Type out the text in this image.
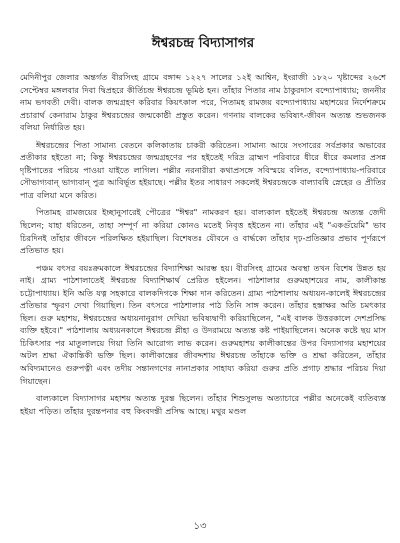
ঈশ্বরচন্দ্র বিদ্যাসাগর

মেদিনীপুর জেলার অন্তর্গত বীরসিংহ গ্রামে বঙ্গাব্দ ১২২৭ সালের ১২ই আশ্বিন, ইংরাজী ১৮২০ খৃষ্টাব্দের ২৬শে সেপ্টেম্বর মঙ্গলবার দিবা দ্বিপ্রহরে কীর্তিচন্দ্র ঈশ্বরচন্দ্র ভূমিষ্ঠ হন। তাঁহার পিতার নাম ঠাকুরদাস বন্দ্যোপাধ্যায়; জননীর নাম ভগবতী দেবী। বালক জন্মগ্রহণ করিবার কিয়ৎকাল পরে, পিতামহ রামজয় বন্দ্যোপাধ্যায় মহাশয়ের নির্দেশক্রমে প্রচারার্থ কেনারাম ঠাকুর ঈশ্বরচন্দ্রের জন্মকোষ্ঠী প্রস্তুত করেন। গণনায় বালকের ভবিষ্যৎ-জীবন অত্যন্ত শুভজনক বলিয়া নির্ধারিত হয়।

ঈশ্বরচন্দ্রের পিতা সামান্য বেতনে কলিকাতায় চাকরী করিতেন। সামান্য আয়ে সংসারের সর্বপ্রকার অভাবের প্রতীকার হইতো না; কিন্তু ঈশ্বরচন্দ্রের জন্মগ্রহণের পর হইতেই দরিদ্র ব্রাহ্মণ পরিবারে ধীরে ধীরে কমলার প্রসন্ন দৃষ্টিপাতের পরিচয় পাওয়া যাইতে লাগিল। পল্লীর নরনারীরা কথাপ্রসঙ্গে সবিস্ময়ে বলিত, বন্দ্যোপাধ্যায়-পরিবারে সৌভাগ্যবান্ ভাগ্যবান্ পুত্র আবির্ভূত হইয়াছে। পল্লীর ইতর সাধারণ সকলেই ঈশ্বরচন্দ্রকে বাল্যাবধি স্নেহের ও প্রীতির পাত্র বলিয়া মনে করিত।

পিতামহ রামজয়ের ইচ্ছানুসারেই পৌত্রের "ঈশ্বর" নামকরণ হয়। বাল্যকাল হইতেই ঈশ্বরচন্দ্র অত্যন্ত জেদী ছিলেন; যাহা ধরিতেন, তাহা সম্পূর্ণ না করিয়া কোনও মতেই নিবৃত্ত হইতেন না। তাঁহার এই "একগুঁয়েমি" ভাব চিরদিনই তাঁহার জীবনে পরিলক্ষিত হইয়াছিল। বিশেষতঃ যৌবনে ও বার্দ্ধক্যে তাঁহার দৃঢ়-প্রতিজ্ঞার প্রভাব পূর্ণরূপে প্রতিভাত হয়।

পঞ্চম বৎসর বয়ঃক্রমকালে ঈশ্বরচন্দ্রের বিদ্যাশিক্ষা আরম্ভ হয়। বীরসিংহ গ্রামের অবস্থা তখন বিশেষ উন্নত হয় নাই। গ্রাম্য পাঠশালাতেই ঈশ্বরচন্দ্র বিদ্যাশিক্ষার্থ প্রেরিত হইলেন। পাঠশালার গুরুমহাশয়ের নাম, কালীকান্ত চট্টোপাধ্যায়। ইনি অতি যত্ন সহকারে বালকদিগকে শিক্ষা দান করিতেন। গ্রাম্য পাঠশালায় অধ্যয়ন-কালেই ঈশ্বরচন্দ্রের প্রতিভার স্ফূরণ দেখা গিয়াছিল। তিন বৎসরে পাঠশালার পাঠ তিনি সাঙ্গ করেন। তাঁহার হস্তাক্ষর অতি চমৎকার ছিল। গুরু মহাশয়, ঈশ্বরচন্দ্রের অধ্যয়নানুরাগ দেখিয়া ভবিষ্যদ্বাণী করিয়াছিলেন, "এই বালক উত্তরকালে দেশপ্রসিদ্ধ ব্যক্তি হইবে।" পাঠশালায় অধ্যয়নকালে ঈশ্বরচন্দ্র প্লীহা ও উদরাময়ে অত্যন্ত কষ্ট পাইয়াছিলেন। অনেক কষ্টে ছয় মাস চিকিৎসার পর মাতুলালয়ে গিয়া তিনি আরোগ্য লাভ করেন। গুরুমহাশয় কালীকান্তের উপর বিদ্যাসাগর মহাশয়ের অটল শ্রদ্ধা ঐকান্তিকী ভক্তি ছিল। কালীকান্তের জীবদ্দশায় ঈশ্বরচন্দ্র তাঁহাকে ভক্তি ও শ্রদ্ধা করিতেন, তাঁহার অবিদ্যমানেও গুরুপত্নী এবং তদীয় সন্তানগণের নানাপ্রকার সাহায্য করিয়া গুরুর প্রতি প্রগাঢ় শ্রদ্ধার পরিচয় দিয়া গিয়াছেন।

বাল্যকালে বিদ্যাসাগর মহাশয় অত্যন্ত দুরন্ত ছিলেন। তাঁহার শিশুসুলভ অত্যাচারে পল্লীর অনেকেই ব্যতিব্যস্ত হইয়া পড়িত। তাঁহার দুরন্তপনার বহু কিংবদন্তী প্রসিদ্ধ আছে। মথুর মণ্ডল

১৩
